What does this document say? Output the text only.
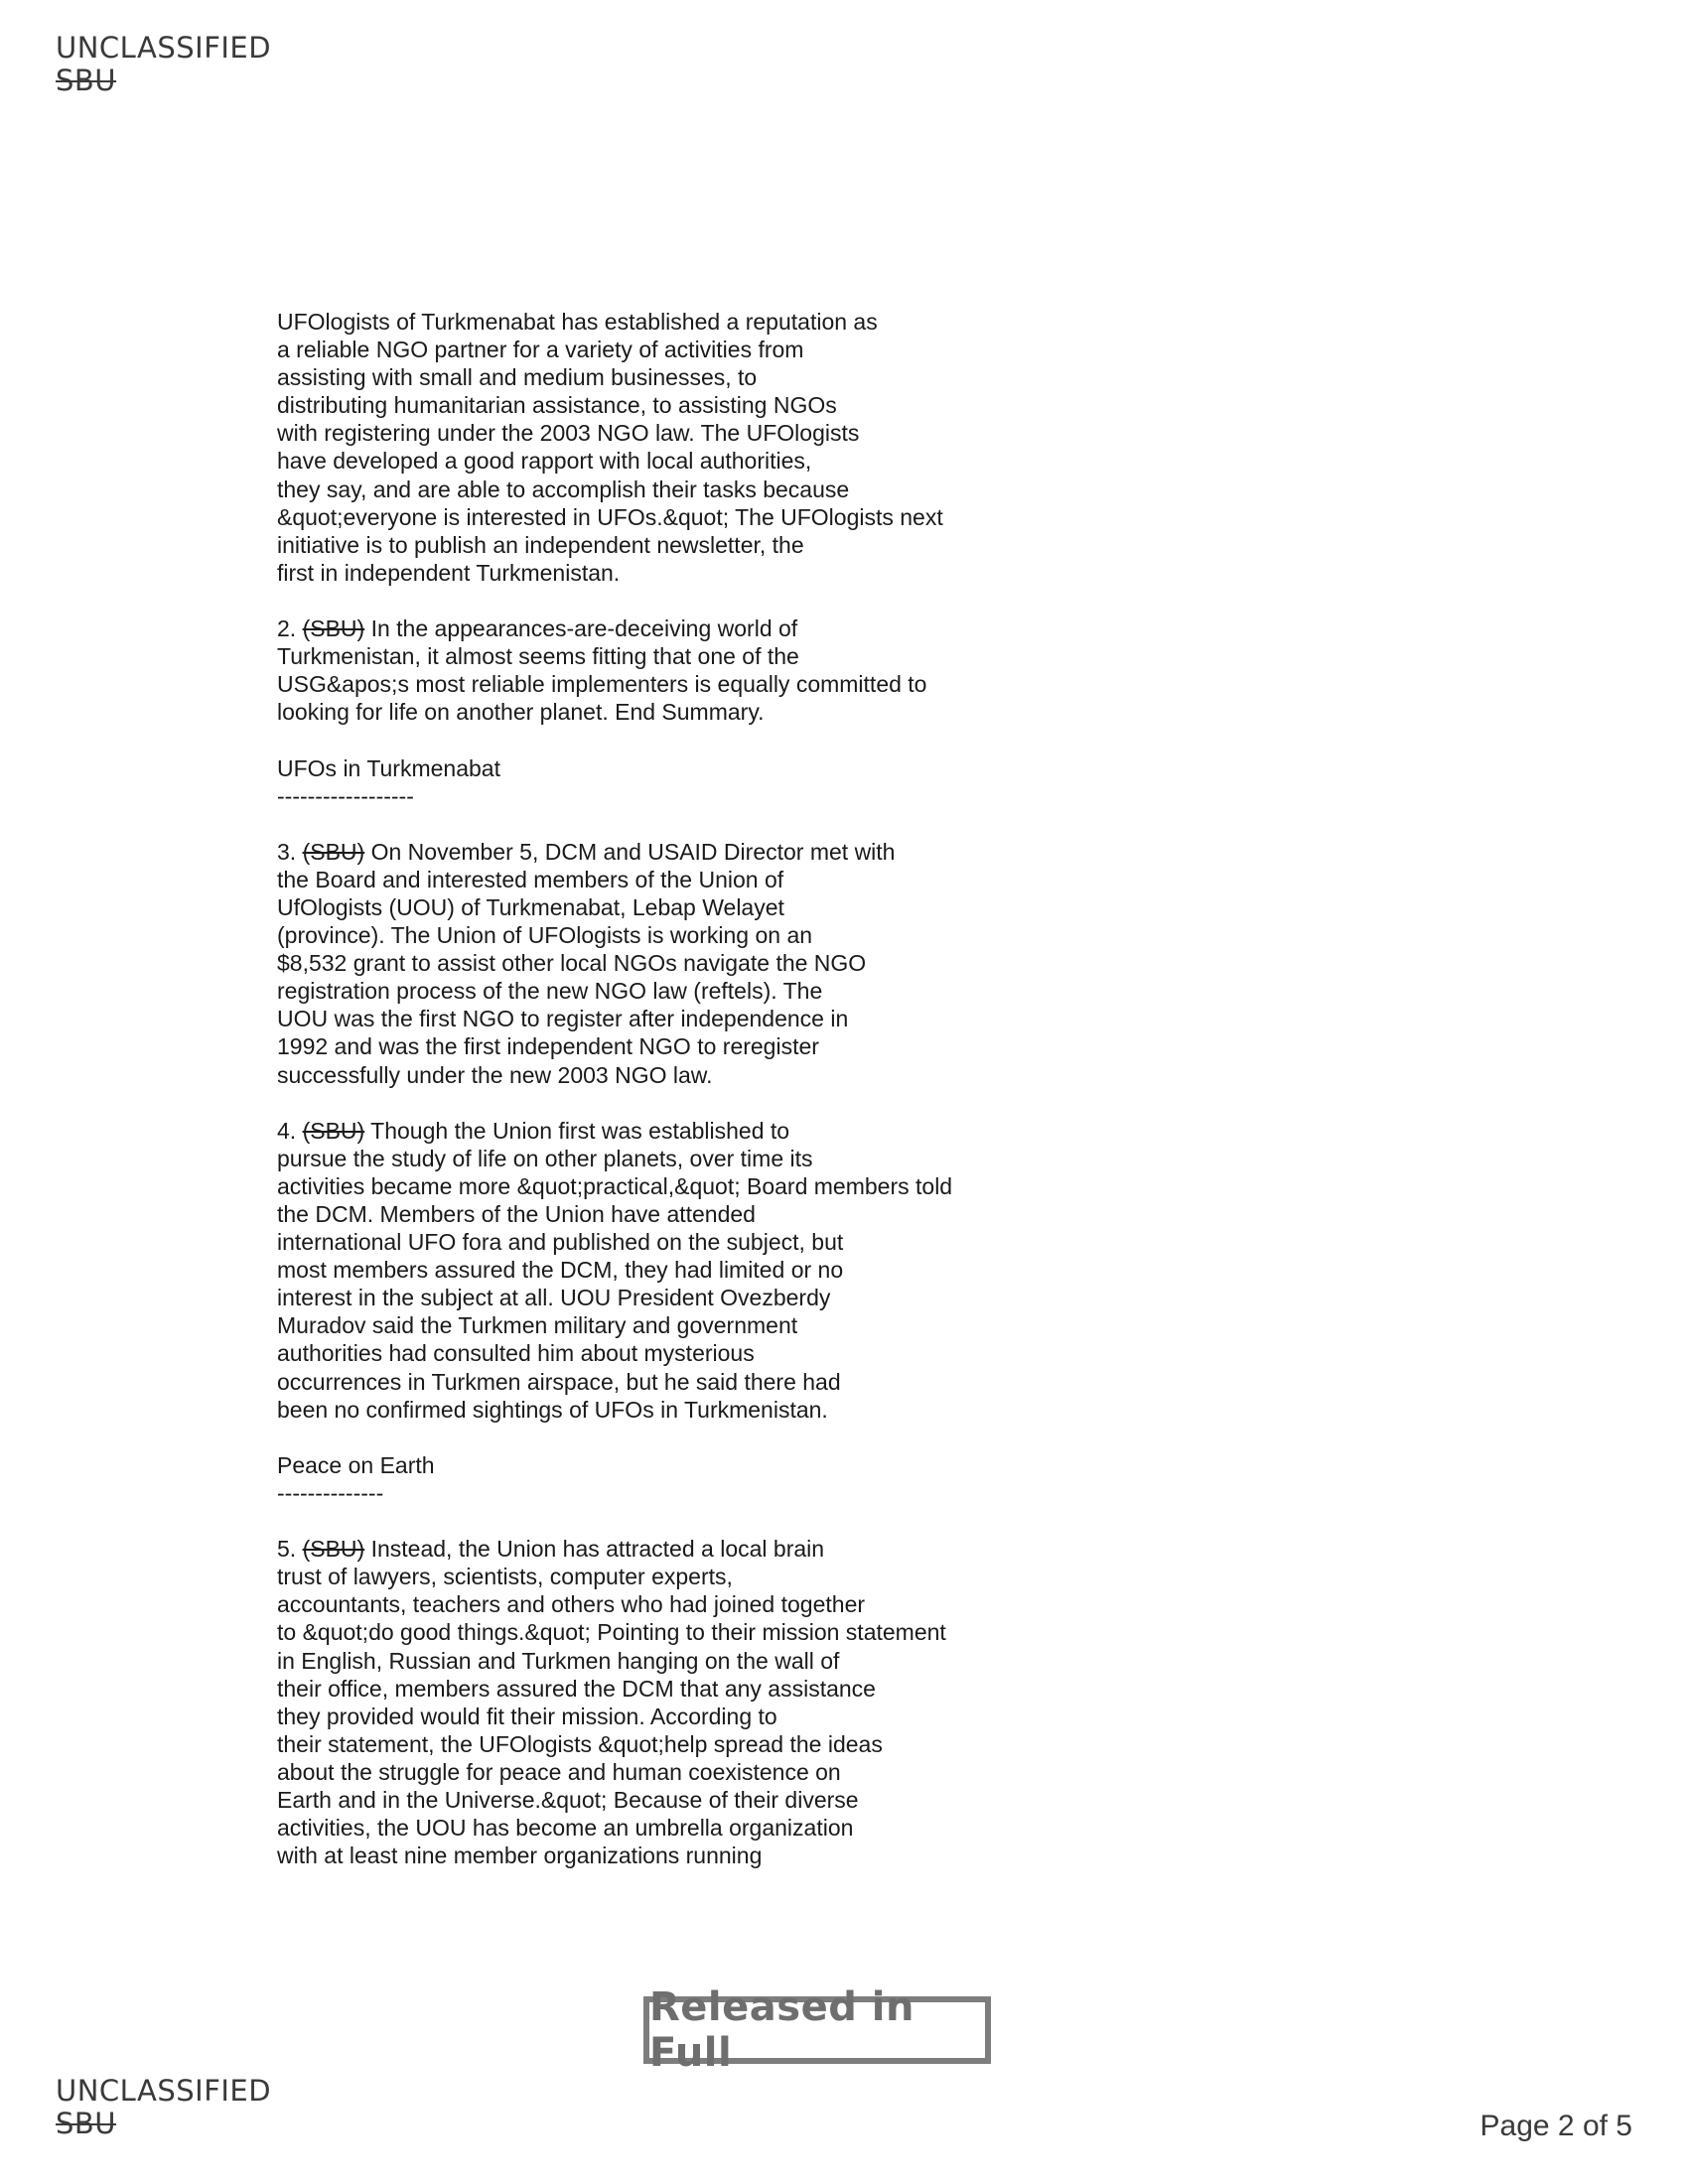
UNCLASSIFIED
SBU

UFOlogists of Turkmenabat has established a reputation as
a reliable NGO partner for a variety of activities from
assisting with small and medium businesses, to
distributing humanitarian assistance, to assisting NGOs
with registering under the 2003 NGO law. The UFOlogists
have developed a good rapport with local authorities,
they say, and are able to accomplish their tasks because
&quot;everyone is interested in UFOs.&quot; The UFOlogists next
initiative is to publish an independent newsletter, the
first in independent Turkmenistan.

2. (SBU) In the appearances-are-deceiving world of
Turkmenistan, it almost seems fitting that one of the
USG&apos;s most reliable implementers is equally committed to
looking for life on another planet. End Summary.

UFOs in Turkmenabat

------------------

3. (SBU) On November 5, DCM and USAID Director met with
the Board and interested members of the Union of
UfOlogists (UOU) of Turkmenabat, Lebap Welayet
(province). The Union of UFOlogists is working on an
$8,532 grant to assist other local NGOs navigate the NGO
registration process of the new NGO law (reftels). The
UOU was the first NGO to register after independence in
1992 and was the first independent NGO to reregister
successfully under the new 2003 NGO law.

4. (SBU) Though the Union first was established to
pursue the study of life on other planets, over time its
activities became more &quot;practical,&quot; Board members told
the DCM. Members of the Union have attended
international UFO fora and published on the subject, but
most members assured the DCM, they had limited or no
interest in the subject at all. UOU President Ovezberdy
Muradov said the Turkmen military and government
authorities had consulted him about mysterious
occurrences in Turkmen airspace, but he said there had
been no confirmed sightings of UFOs in Turkmenistan.

Peace on Earth

--------------

5. (SBU) Instead, the Union has attracted a local brain
trust of lawyers, scientists, computer experts,
accountants, teachers and others who had joined together
to &quot;do good things.&quot; Pointing to their mission statement
in English, Russian and Turkmen hanging on the wall of
their office, members assured the DCM that any assistance
they provided would fit their mission. According to
their statement, the UFOlogists &quot;help spread the ideas
about the struggle for peace and human coexistence on
Earth and in the Universe.&quot; Because of their diverse
activities, the UOU has become an umbrella organization
with at least nine member organizations running

Released in Full
UNCLASSIFIED
SBU	Page 2 of 5
